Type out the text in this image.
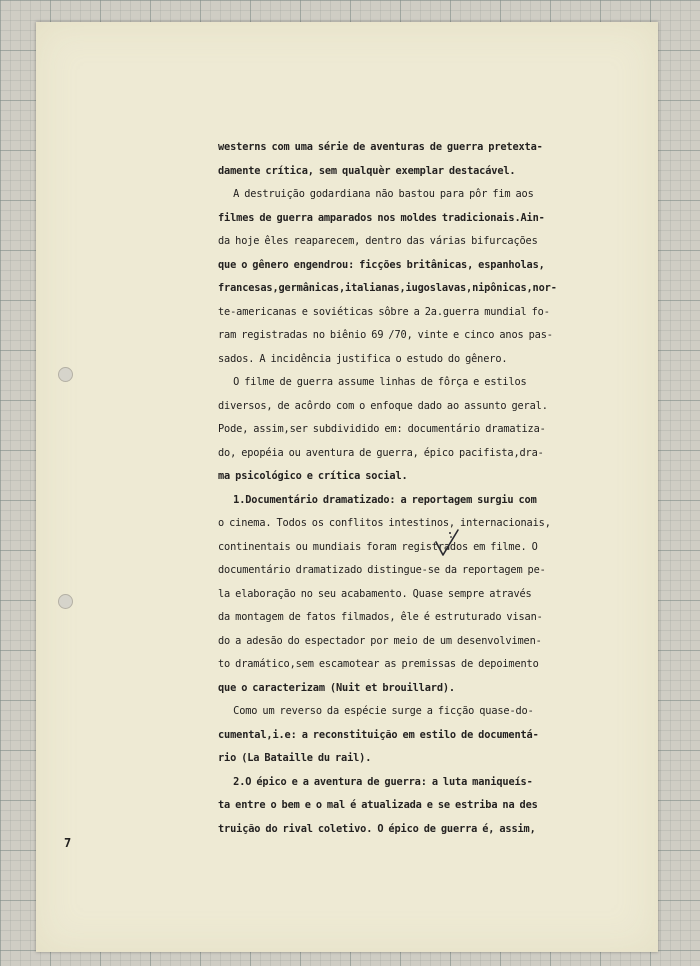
westerns com uma série de aventuras de guerra pretexta-
damente crítica, sem qualquèr exemplar destacável.
A destruição godardiana não bastou para pôr fim aos
filmes de guerra amparados nos moldes tradicionais.Ain-
da hoje êles reaparecem, dentro das várias bifurcações
que o gênero engendrou: ficções britânicas, espanholas,
francesas,germânicas,italianas,iugoslavas,nipônicas,nor-
te-americanas e soviéticas sôbre a 2a.guerra mundial fo-
ram registradas no biênio 69 /70, vinte e cinco anos pas-
sados. A incidência justifica o estudo do gênero.
O filme de guerra assume linhas de fôrça e estilos
diversos, de acôrdo com o enfoque dado ao assunto geral.
Pode, assim,ser subdividido em: documentário dramatiza-
do, epopéia ou aventura de guerra, épico pacifista,dra-
ma psicológico e crítica social.
1.Documentário dramatizado: a reportagem surgiu com
o cinema. Todos os conflitos intestinos, internacionais,
continentais ou mundiais foram registrados em filme. O
documentário dramatizado distingue-se da reportagem pe-
la elaboração no seu acabamento. Quase sempre através
da montagem de fatos filmados, êle é estruturado visan-
do a adesão do espectador por meio de um desenvolvimen-
to dramático,sem escamotear as premissas de depoimento
que o caracterizam (Nuit et brouillard).
Como um reverso da espécie surge a ficção quase-do-
cumental,i.e: a reconstituição em estilo de documentá-
rio (La Bataille du rail).
2.O épico e a aventura de guerra: a luta maniqueís-
ta entre o bem e o mal é atualizada e se estriba na des
truição do rival coletivo. O épico de guerra é, assim,
7
